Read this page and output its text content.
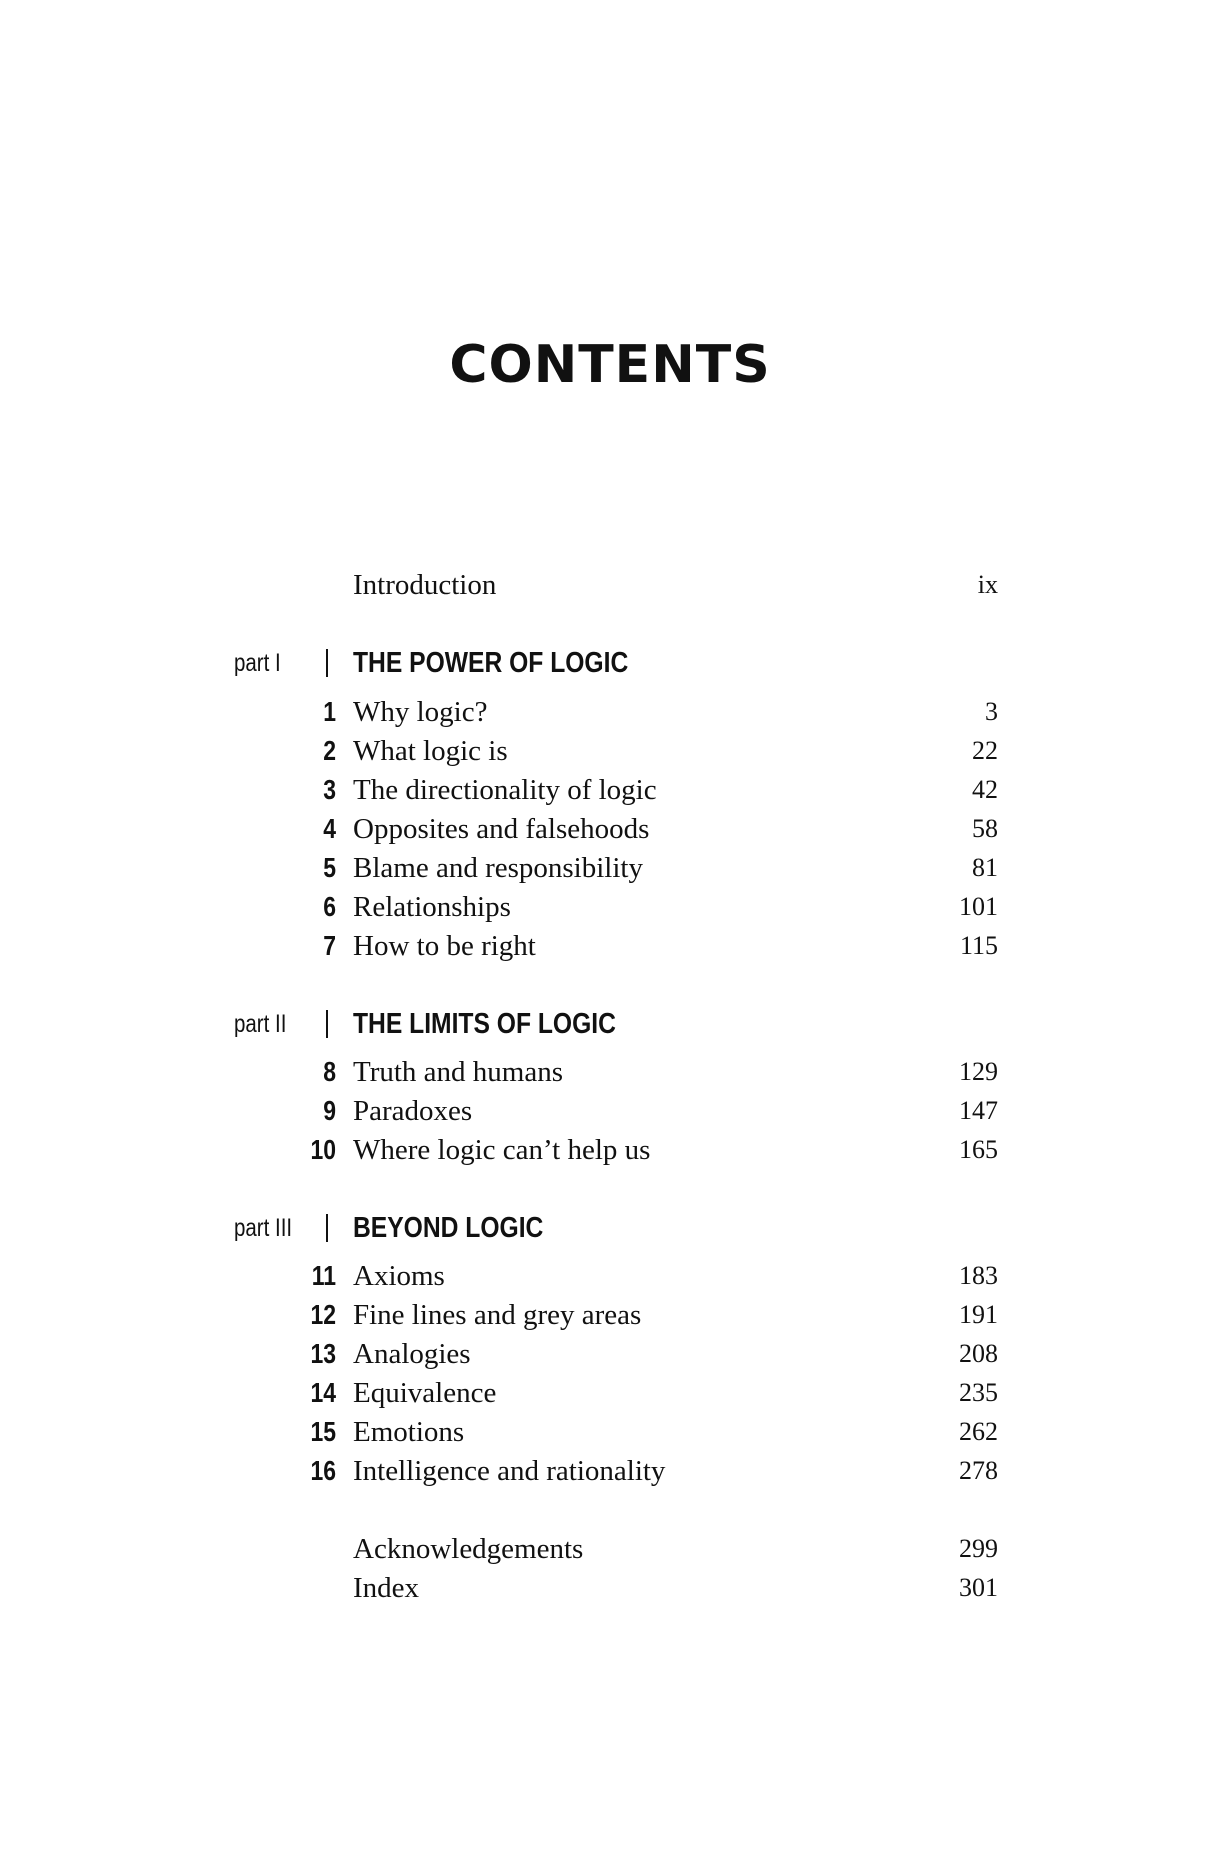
CONTENTS
Introduction	ix
part I THE POWER OF LOGIC
1 Why logic?	3
2 What logic is	22
3 The directionality of logic	42
4 Opposites and falsehoods	58
5 Blame and responsibility	81
6 Relationships	101
7 How to be right	115
part II THE LIMITS OF LOGIC
8 Truth and humans	129
9 Paradoxes	147
10 Where logic can’t help us	165
part III BEYOND LOGIC
11 Axioms	183
12 Fine lines and grey areas	191
13 Analogies	208
14 Equivalence	235
15 Emotions	262
16 Intelligence and rationality	278
Acknowledgements	299
Index	301
